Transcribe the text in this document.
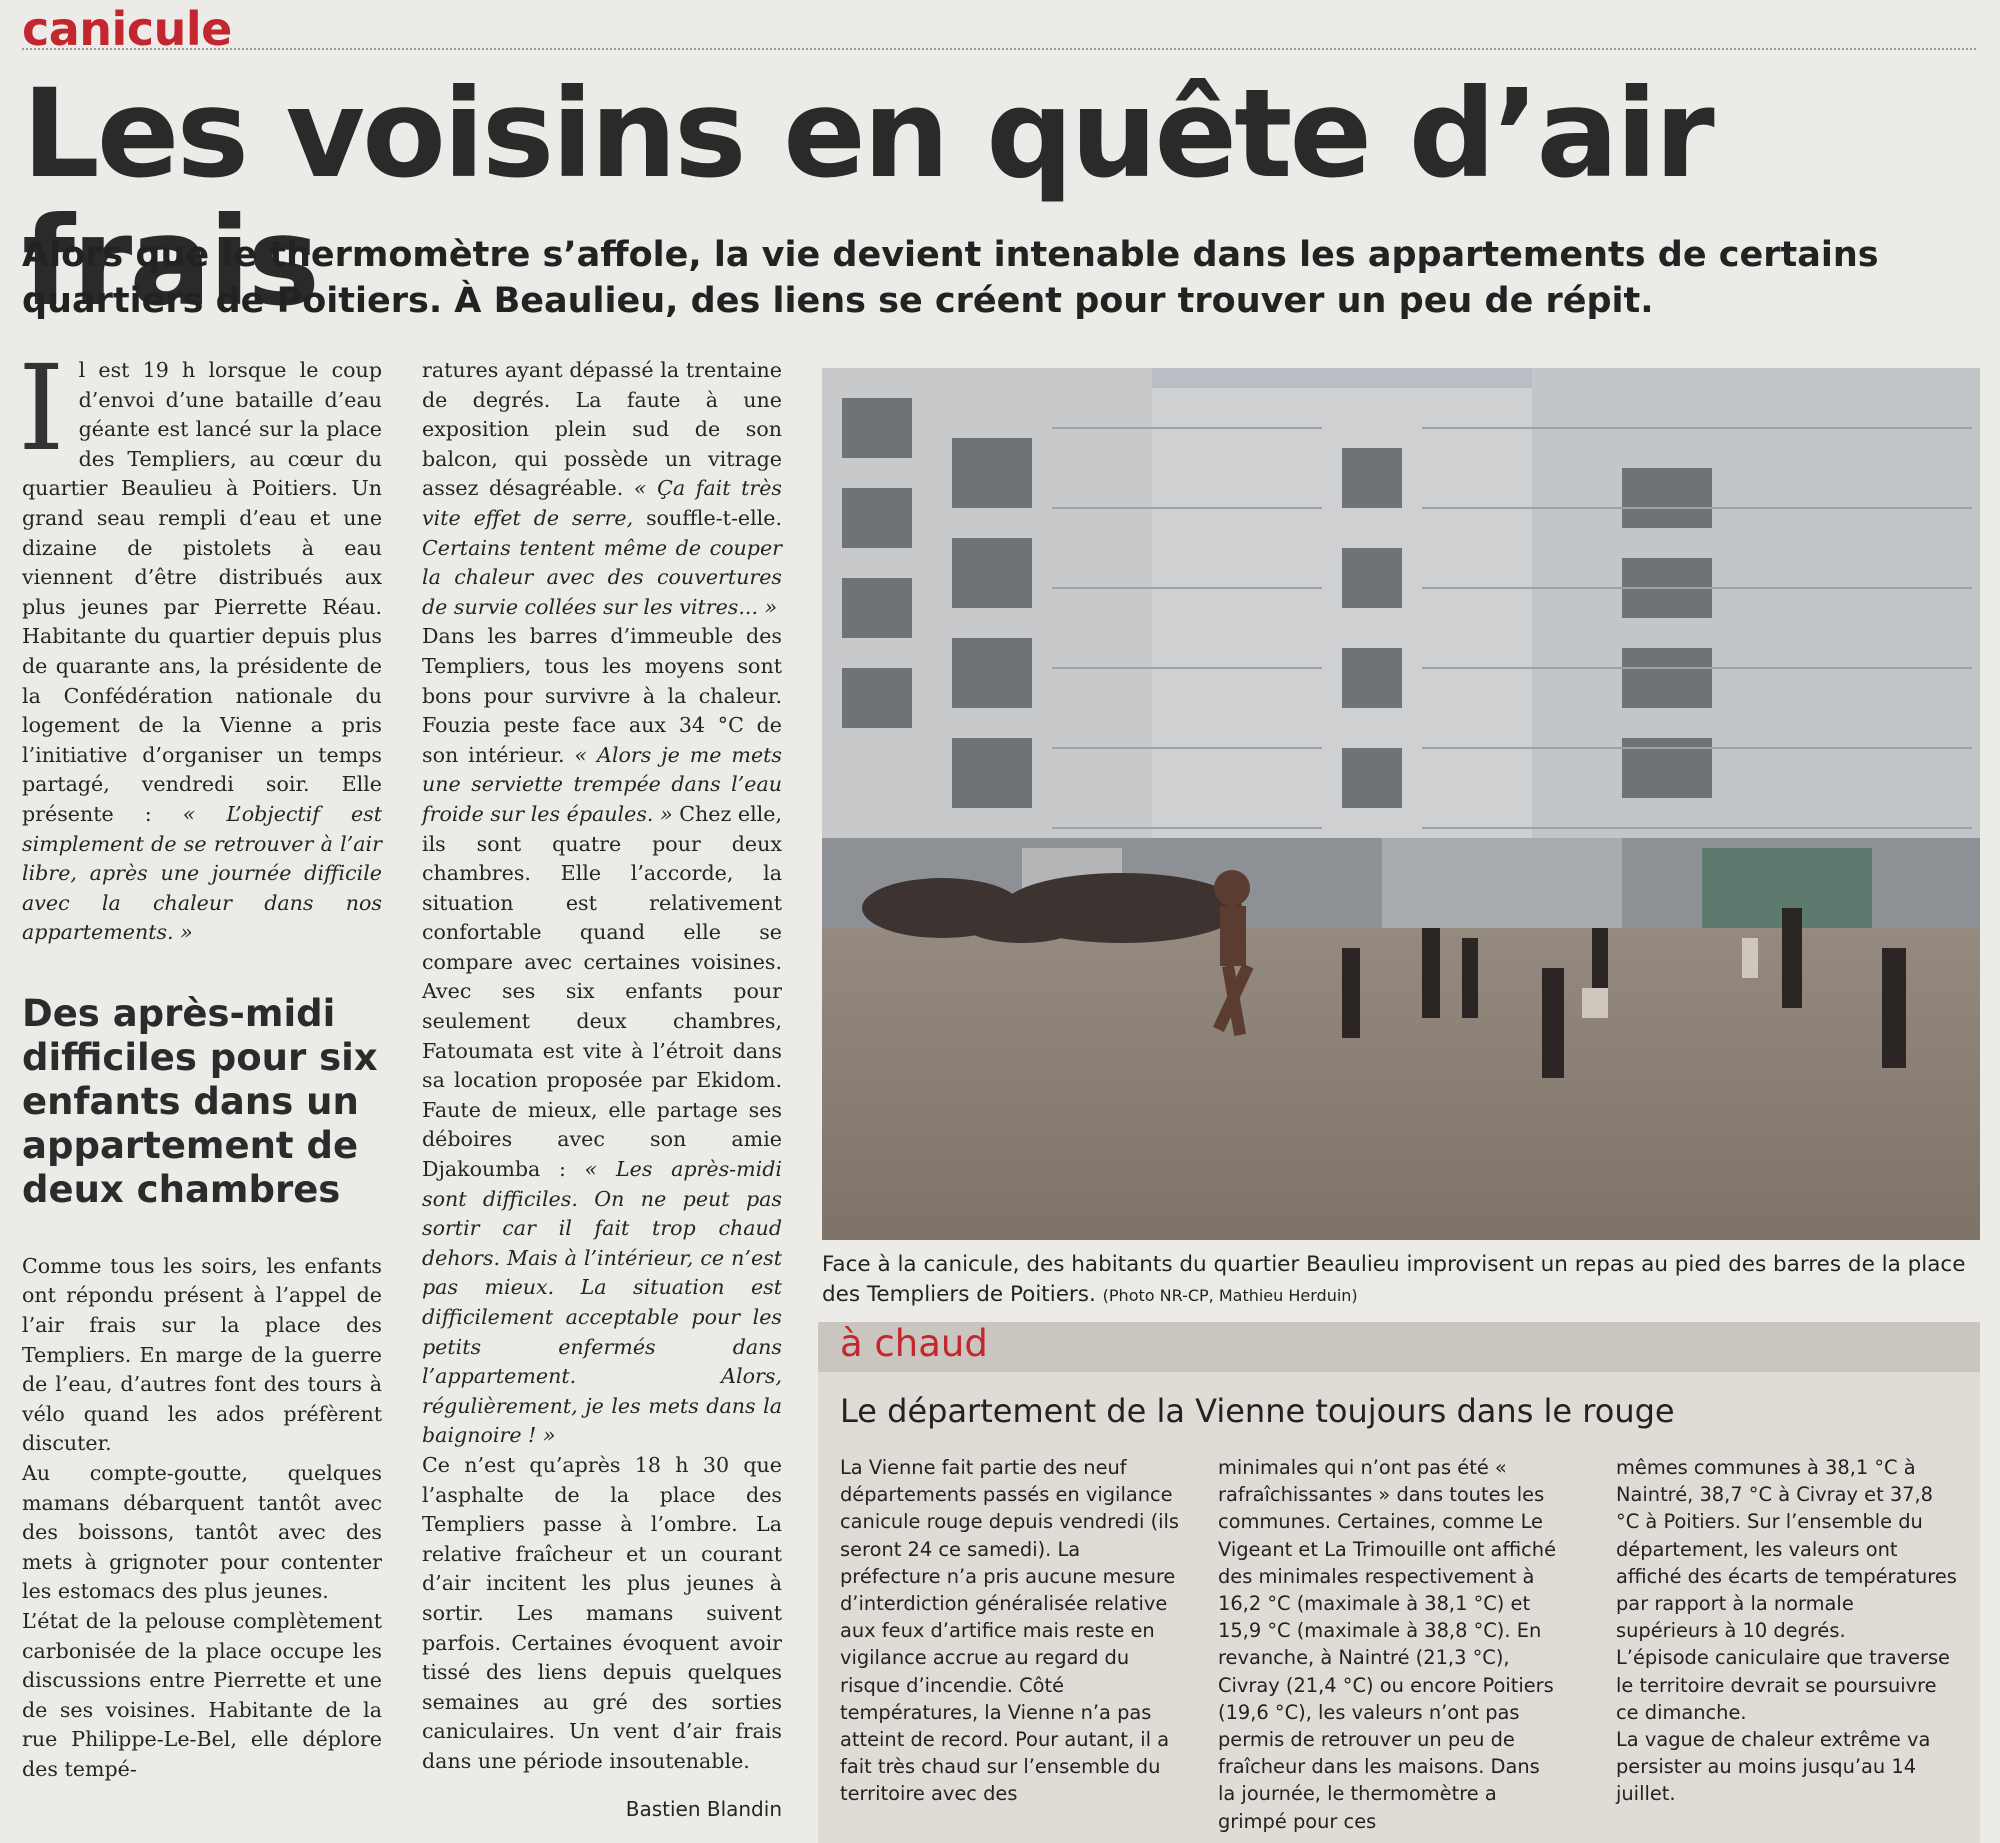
canicule
Les voisins en quête d’air frais

Alors que le thermomètre s’affole, la vie devient intenable dans les appartements de certains quartiers de Poitiers. À Beaulieu, des liens se créent pour trouver un peu de répit.

Il est 19 h lorsque le coup d’envoi d’une bataille d’eau géante est lancé sur la place des Templiers, au cœur du quartier Beaulieu à Poitiers. Un grand seau rempli d’eau et une dizaine de pistolets à eau viennent d’être distribués aux plus jeunes par Pierrette Réau. Habitante du quartier depuis plus de quarante ans, la présidente de la Confédération nationale du logement de la Vienne a pris l’initiative d’organiser un temps partagé, vendredi soir. Elle présente : « L’objectif est simplement de se retrouver à l’air libre, après une journée difficile avec la chaleur dans nos appartements. »

Des après-midi difficiles pour six enfants dans un appartement de deux chambres

Comme tous les soirs, les enfants ont répondu présent à l’appel de l’air frais sur la place des Templiers. En marge de la guerre de l’eau, d’autres font des tours à vélo quand les ados préfèrent discuter.

Au compte-goutte, quelques mamans débarquent tantôt avec des boissons, tantôt avec des mets à grignoter pour contenter les estomacs des plus jeunes.

L’état de la pelouse complètement carbonisée de la place occupe les discussions entre Pierrette et une de ses voisines. Habitante de la rue Philippe-Le-Bel, elle déplore des tempé-

ratures ayant dépassé la trentaine de degrés. La faute à une exposition plein sud de son balcon, qui possède un vitrage assez désagréable. « Ça fait très vite effet de serre, souffle-t-elle. Certains tentent même de couper la chaleur avec des couvertures de survie collées sur les vitres... »

Dans les barres d’immeuble des Templiers, tous les moyens sont bons pour survivre à la chaleur. Fouzia peste face aux 34 °C de son intérieur. « Alors je me mets une serviette trempée dans l’eau froide sur les épaules. » Chez elle, ils sont quatre pour deux chambres. Elle l’accorde, la situation est relativement confortable quand elle se compare avec certaines voisines. Avec ses six enfants pour seulement deux chambres, Fatoumata est vite à l’étroit dans sa location proposée par Ekidom. Faute de mieux, elle partage ses déboires avec son amie Djakoumba : « Les après-midi sont difficiles. On ne peut pas sortir car il fait trop chaud dehors. Mais à l’intérieur, ce n’est pas mieux. La situation est difficilement acceptable pour les petits enfermés dans l’appartement. Alors, régulièrement, je les mets dans la baignoire ! »

Ce n’est qu’après 18 h 30 que l’asphalte de la place des Templiers passe à l’ombre. La relative fraîcheur et un courant d’air incitent les plus jeunes à sortir. Les mamans suivent parfois. Certaines évoquent avoir tissé des liens depuis quelques semaines au gré des sorties caniculaires. Un vent d’air frais dans une période insoutenable.

Bastien Blandin

Face à la canicule, des habitants du quartier Beaulieu improvisent un repas au pied des barres de la place des Templiers de Poitiers. (Photo NR-CP, Mathieu Herduin)
à chaud
Le département de la Vienne toujours dans le rouge

La Vienne fait partie des neuf départements passés en vigilance canicule rouge depuis vendredi (ils seront 24 ce samedi). La préfecture n’a pris aucune mesure d’interdiction généralisée relative aux feux d’artifice mais reste en vigilance accrue au regard du risque d’incendie. Côté températures, la Vienne n’a pas atteint de record. Pour autant, il a fait très chaud sur l’ensemble du territoire avec des

minimales qui n’ont pas été « rafraîchissantes » dans toutes les communes. Certaines, comme Le Vigeant et La Trimouille ont affiché des minimales respectivement à 16,2 °C (maximale à 38,1 °C) et 15,9 °C (maximale à 38,8 °C). En revanche, à Naintré (21,3 °C), Civray (21,4 °C) ou encore Poitiers (19,6 °C), les valeurs n’ont pas permis de retrouver un peu de fraîcheur dans les maisons. Dans la journée, le thermomètre a grimpé pour ces

mêmes communes à 38,1 °C à Naintré, 38,7 °C à Civray et 37,8 °C à Poitiers. Sur l’ensemble du département, les valeurs ont affiché des écarts de températures par rapport à la normale supérieurs à 10 degrés.

L’épisode caniculaire que traverse le territoire devrait se poursuivre ce dimanche.

La vague de chaleur extrême va persister au moins jusqu’au 14 juillet.
